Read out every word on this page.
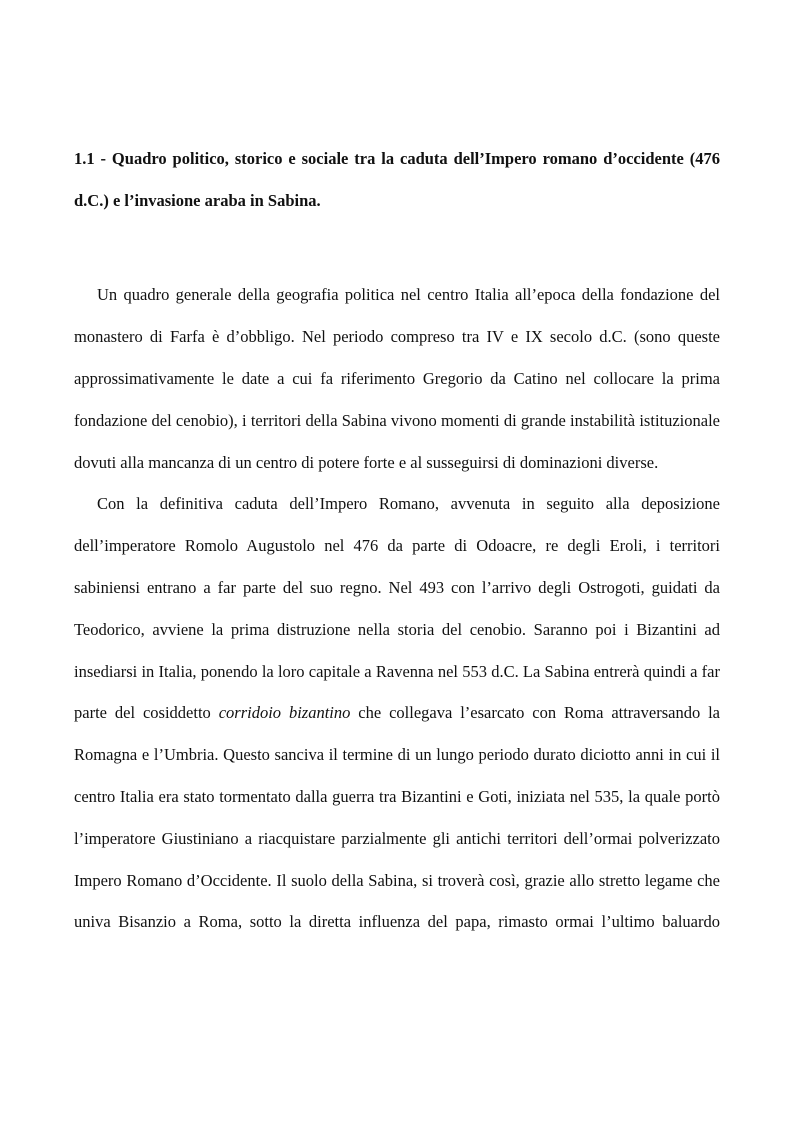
1.1 - Quadro politico, storico e sociale tra la caduta dell’Impero romano d’occidente (476 d.C.) e l’invasione araba in Sabina.

Un quadro generale della geografia politica nel centro Italia all’epoca della fondazione del monastero di Farfa è d’obbligo. Nel periodo compreso tra IV e IX secolo d.C. (sono queste approssimativamente le date a cui fa riferimento Gregorio da Catino nel collocare la prima fondazione del cenobio), i territori della Sabina vivono momenti di grande instabilità istituzionale dovuti alla mancanza di un centro di potere forte e al susseguirsi di dominazioni diverse.

Con la definitiva caduta dell’Impero Romano, avvenuta in seguito alla deposizione dell’imperatore Romolo Augustolo nel 476 da parte di Odoacre, re degli Eroli, i territori sabiniensi entrano a far parte del suo regno. Nel 493 con l’arrivo degli Ostrogoti, guidati da Teodorico, avviene la prima distruzione nella storia del cenobio. Saranno poi i Bizantini ad insediarsi in Italia, ponendo la loro capitale a Ravenna nel 553 d.C. La Sabina entrerà quindi a far parte del cosiddetto corridoio bizantino che collegava l’esarcato con Roma attraversando la Romagna e l’Umbria. Questo sanciva il termine di un lungo periodo durato diciotto anni in cui il centro Italia era stato tormentato dalla guerra tra Bizantini e Goti, iniziata nel 535, la quale portò l’imperatore Giustiniano a riacquistare parzialmente gli antichi territori dell’ormai polverizzato Impero Romano d’Occidente. Il suolo della Sabina, si troverà così, grazie allo stretto legame che univa Bisanzio a Roma, sotto la diretta influenza del papa, rimasto ormai l’ultimo baluardo
